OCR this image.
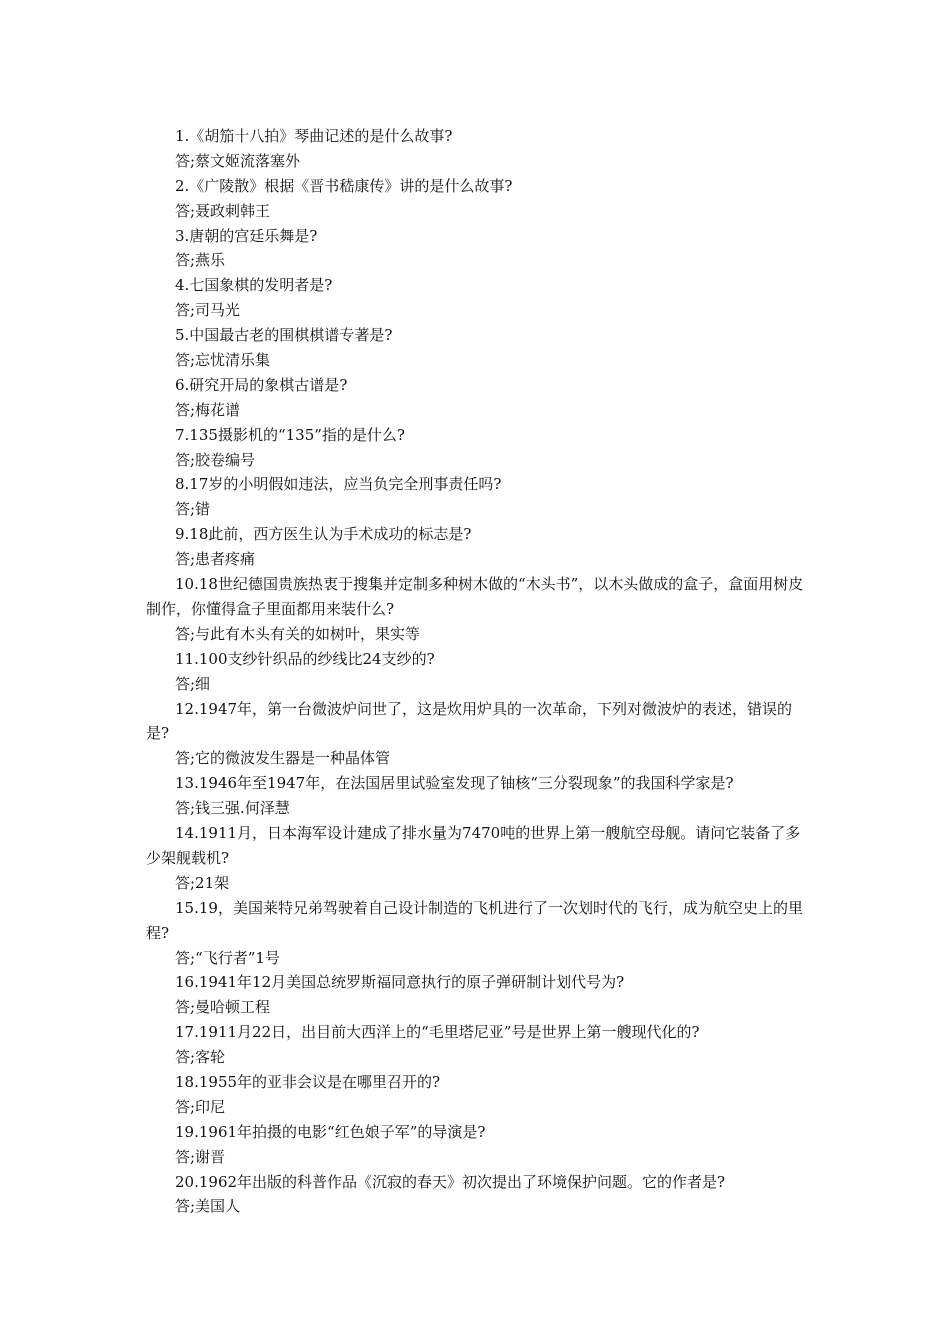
1.《胡笳十八拍》琴曲记述的是什么故事?
答;蔡文姬流落塞外
2.《广陵散》根据《晋书嵇康传》讲的是什么故事?
答;聂政刺韩王
3.唐朝的宫廷乐舞是?
答;燕乐
4.七国象棋的发明者是?
答;司马光
5.中国最古老的围棋棋谱专著是?
答;忘忧清乐集
6.研究开局的象棋古谱是?
答;梅花谱
7.135摄影机的“135”指的是什么?
答;胶卷编号
8.17岁的小明假如违法，应当负完全刑事责任吗?
答;错
9.18此前，西方医生认为手术成功的标志是?
答;患者疼痛
10.18世纪德国贵族热衷于搜集并定制多种树木做的“木头书”，以木头做成的盒子，盒面用树皮制作，你懂得盒子里面都用来装什么?
答;与此有木头有关的如树叶，果实等
11.100支纱针织品的纱线比24支纱的?
答;细
12.1947年，第一台微波炉问世了，这是炊用炉具的一次革命，下列对微波炉的表述，错误的是?
答;它的微波发生器是一种晶体管
13.1946年至1947年，在法国居里试验室发现了铀核“三分裂现象”的我国科学家是?
答;钱三强.何泽慧
14.1911月，日本海军设计建成了排水量为7470吨的世界上第一艘航空母舰。请问它装备了多少架舰载机?
答;21架
15.19，美国莱特兄弟驾驶着自己设计制造的飞机进行了一次划时代的飞行，成为航空史上的里程?
答;“飞行者”1号
16.1941年12月美国总统罗斯福同意执行的原子弹研制计划代号为?
答;曼哈顿工程
17.1911月22日，出目前大西洋上的“毛里塔尼亚”号是世界上第一艘现代化的?
答;客轮
18.1955年的亚非会议是在哪里召开的?
答;印尼
19.1961年拍摄的电影“红色娘子军”的导演是?
答;谢晋
20.1962年出版的科普作品《沉寂的春天》初次提出了环境保护问题。它的作者是?
答;美国人
